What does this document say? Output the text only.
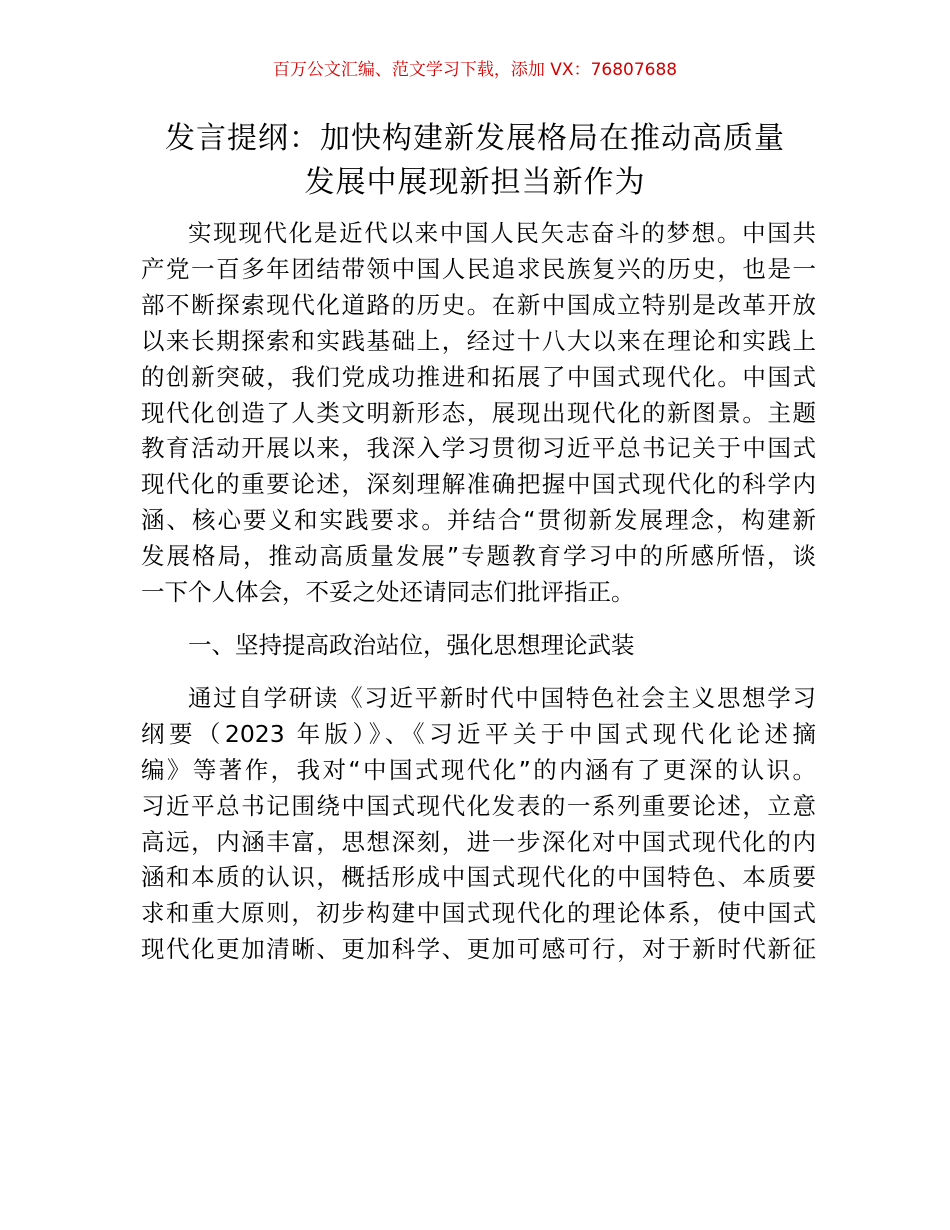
百万公文汇编、范文学习下载，添加 VX：76807688
发言提纲：加快构建新发展格局在推动高质量
发展中展现新担当新作为

实现现代化是近代以来中国人民矢志奋斗的梦想。中国共
产党一百多年团结带领中国人民追求民族复兴的历史，也是一
部不断探索现代化道路的历史。在新中国成立特别是改革开放
以来长期探索和实践基础上，经过十八大以来在理论和实践上
的创新突破，我们党成功推进和拓展了中国式现代化。中国式
现代化创造了人类文明新形态，展现出现代化的新图景。主题
教育活动开展以来，我深入学习贯彻习近平总书记关于中国式
现代化的重要论述，深刻理解准确把握中国式现代化的科学内
涵、核心要义和实践要求。并结合“贯彻新发展理念，构建新
发展格局，推动高质量发展”专题教育学习中的所感所悟，谈
一下个人体会，不妥之处还请同志们批评指正。

一、坚持提高政治站位，强化思想理论武装

通过自学研读《习近平新时代中国特色社会主义思想学习
纲要（2023 年版）》、《习近平关于中国式现代化论述摘
编》等著作，我对“中国式现代化”的内涵有了更深的认识。
习近平总书记围绕中国式现代化发表的一系列重要论述，立意
高远，内涵丰富，思想深刻，进一步深化对中国式现代化的内
涵和本质的认识，概括形成中国式现代化的中国特色、本质要
求和重大原则，初步构建中国式现代化的理论体系，使中国式
现代化更加清晰、更加科学、更加可感可行，对于新时代新征
